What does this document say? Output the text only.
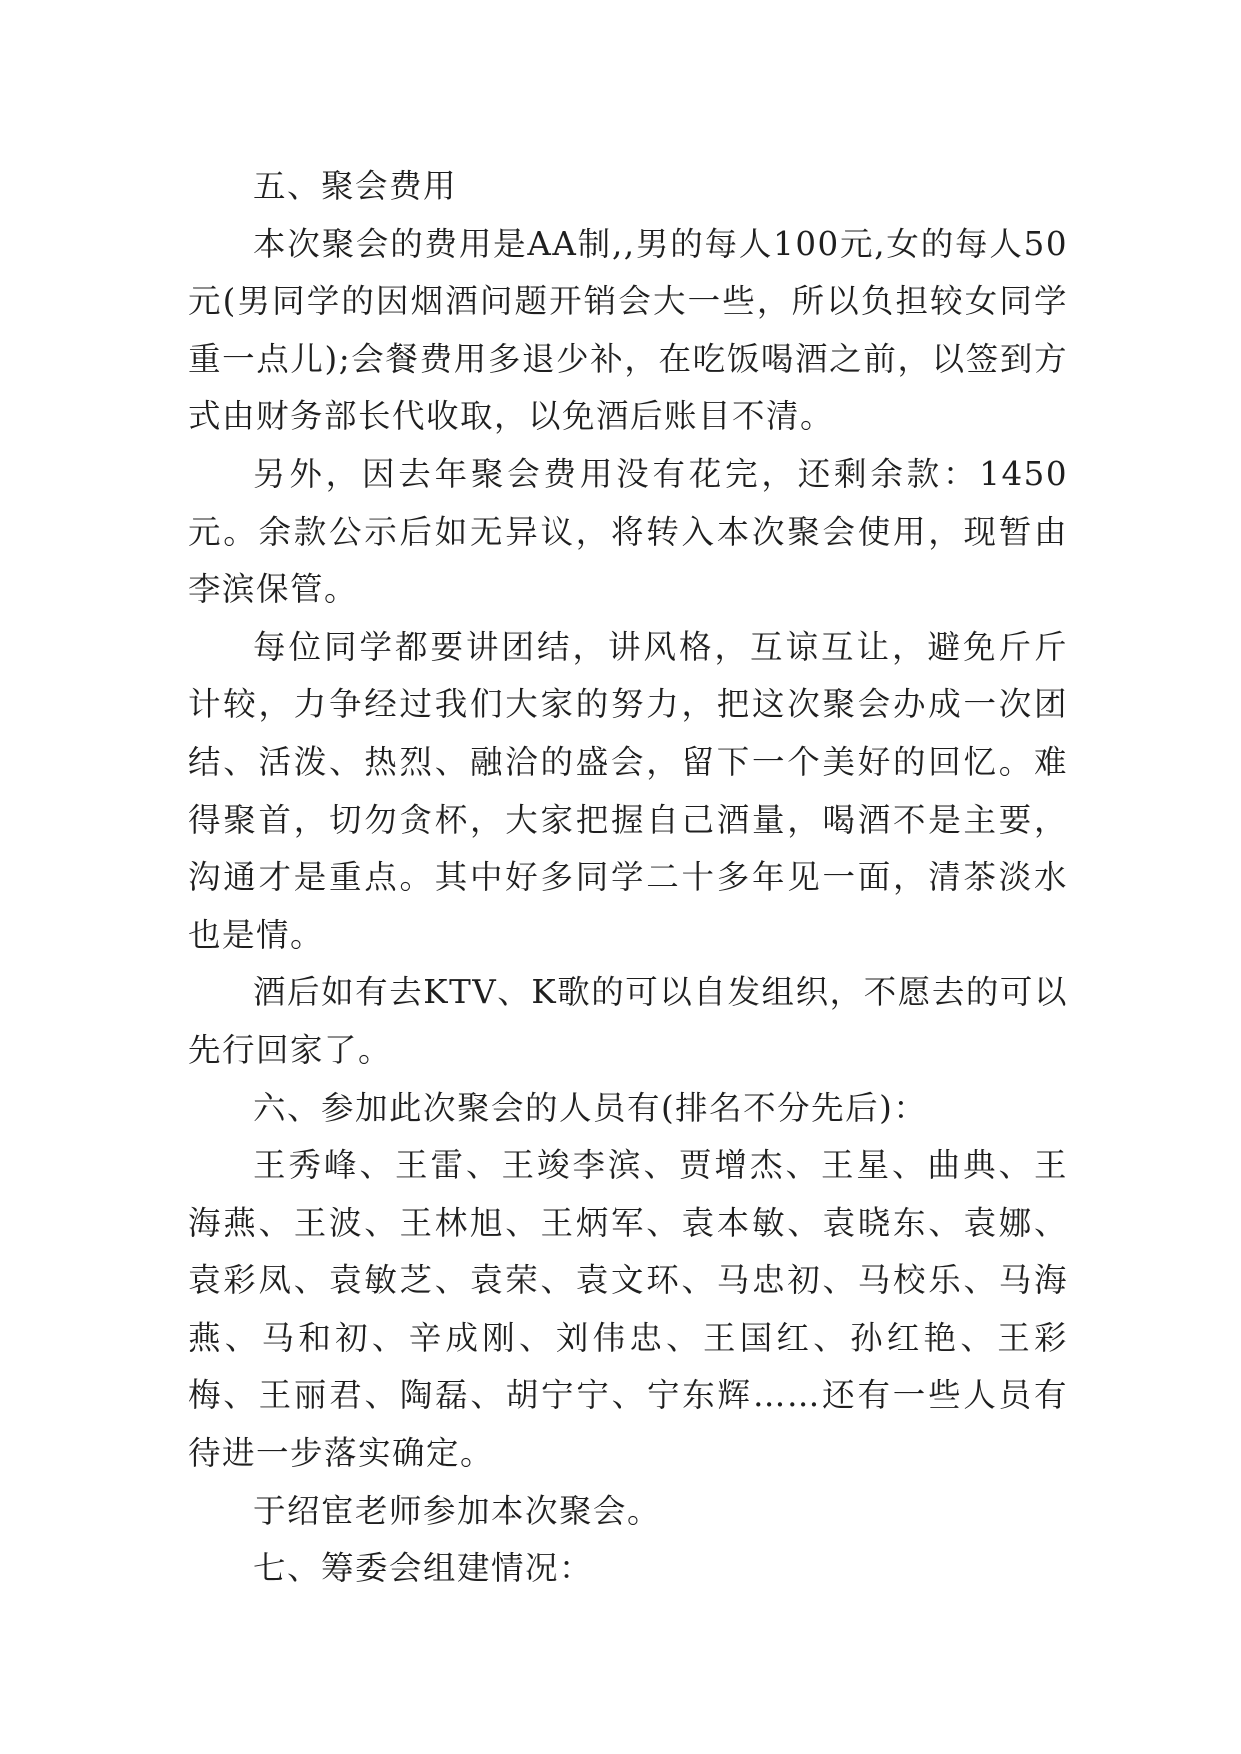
五、聚会费用

本次聚会的费用是AA制,,男的每人100元,女的每人50元(男同学的因烟酒问题开销会大一些，所以负担较女同学重一点儿);会餐费用多退少补，在吃饭喝酒之前，以签到方式由财务部长代收取，以免酒后账目不清。

另外，因去年聚会费用没有花完，还剩余款：1450元。余款公示后如无异议，将转入本次聚会使用，现暂由李滨保管。

每位同学都要讲团结，讲风格，互谅互让，避免斤斤计较，力争经过我们大家的努力，把这次聚会办成一次团结、活泼、热烈、融洽的盛会，留下一个美好的回忆。难得聚首，切勿贪杯，大家把握自己酒量，喝酒不是主要，沟通才是重点。其中好多同学二十多年见一面，清茶淡水也是情。

酒后如有去KTV、K歌的可以自发组织，不愿去的可以先行回家了。

六、参加此次聚会的人员有(排名不分先后)：

王秀峰、王雷、王竣李滨、贾增杰、王星、曲典、王海燕、王波、王林旭、王炳军、袁本敏、袁晓东、袁娜、袁彩凤、袁敏芝、袁荣、袁文环、马忠初、马校乐、马海燕、马和初、辛成刚、刘伟忠、王国红、孙红艳、王彩梅、王丽君、陶磊、胡宁宁、宁东辉……还有一些人员有待进一步落实确定。

于绍宦老师参加本次聚会。

七、筹委会组建情况：
